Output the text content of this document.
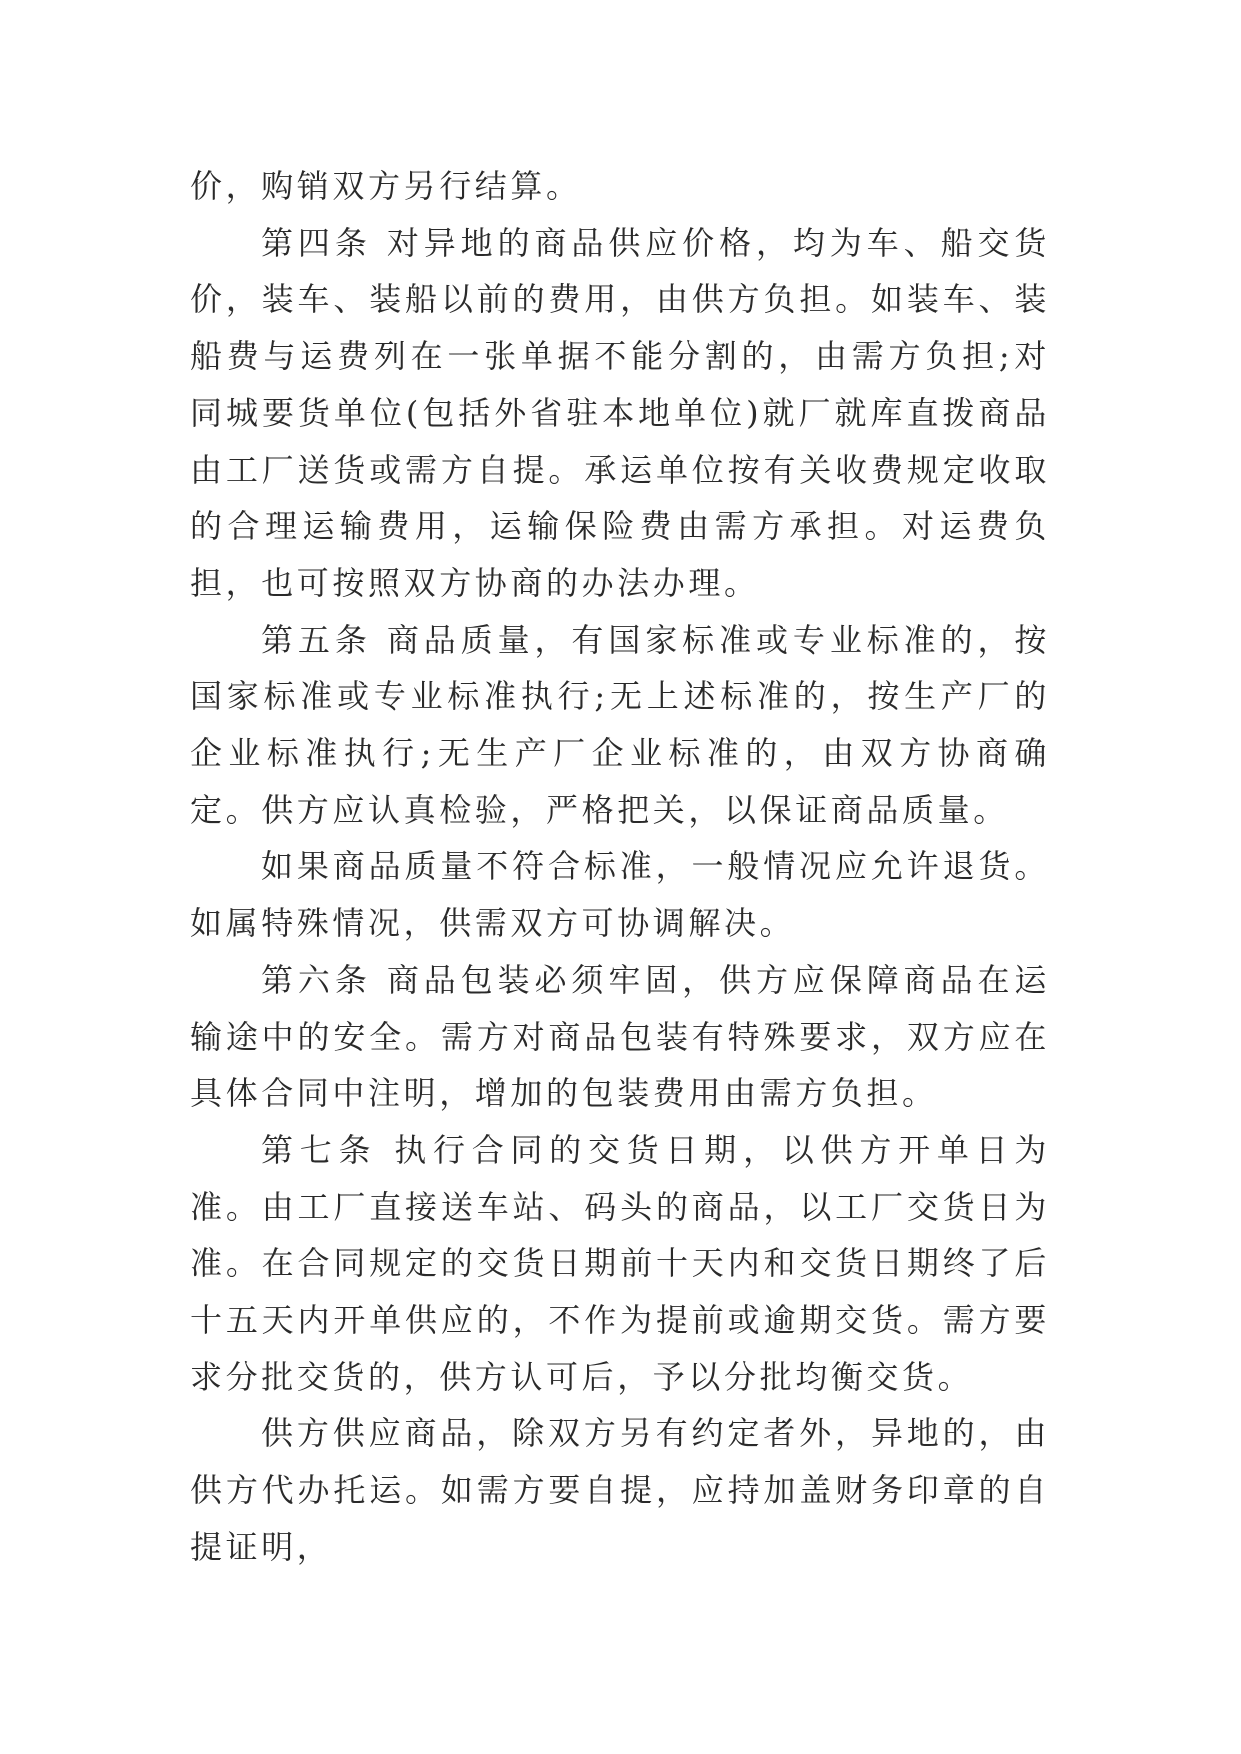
价，购销双方另行结算。

第四条 对异地的商品供应价格，均为车、船交货价，装车、装船以前的费用，由供方负担。如装车、装船费与运费列在一张单据不能分割的，由需方负担;对同城要货单位(包括外省驻本地单位)就厂就库直拨商品由工厂送货或需方自提。承运单位按有关收费规定收取的合理运输费用，运输保险费由需方承担。对运费负担，也可按照双方协商的办法办理。

第五条 商品质量，有国家标准或专业标准的，按国家标准或专业标准执行;无上述标准的，按生产厂的企业标准执行;无生产厂企业标准的，由双方协商确定。供方应认真检验，严格把关，以保证商品质量。

如果商品质量不符合标准，一般情况应允许退货。如属特殊情况，供需双方可协调解决。

第六条 商品包装必须牢固，供方应保障商品在运输途中的安全。需方对商品包装有特殊要求，双方应在具体合同中注明，增加的包装费用由需方负担。

第七条 执行合同的交货日期，以供方开单日为准。由工厂直接送车站、码头的商品，以工厂交货日为准。在合同规定的交货日期前十天内和交货日期终了后十五天内开单供应的，不作为提前或逾期交货。需方要求分批交货的，供方认可后，予以分批均衡交货。

供方供应商品，除双方另有约定者外，异地的，由供方代办托运。如需方要自提，应持加盖财务印章的自提证明，
